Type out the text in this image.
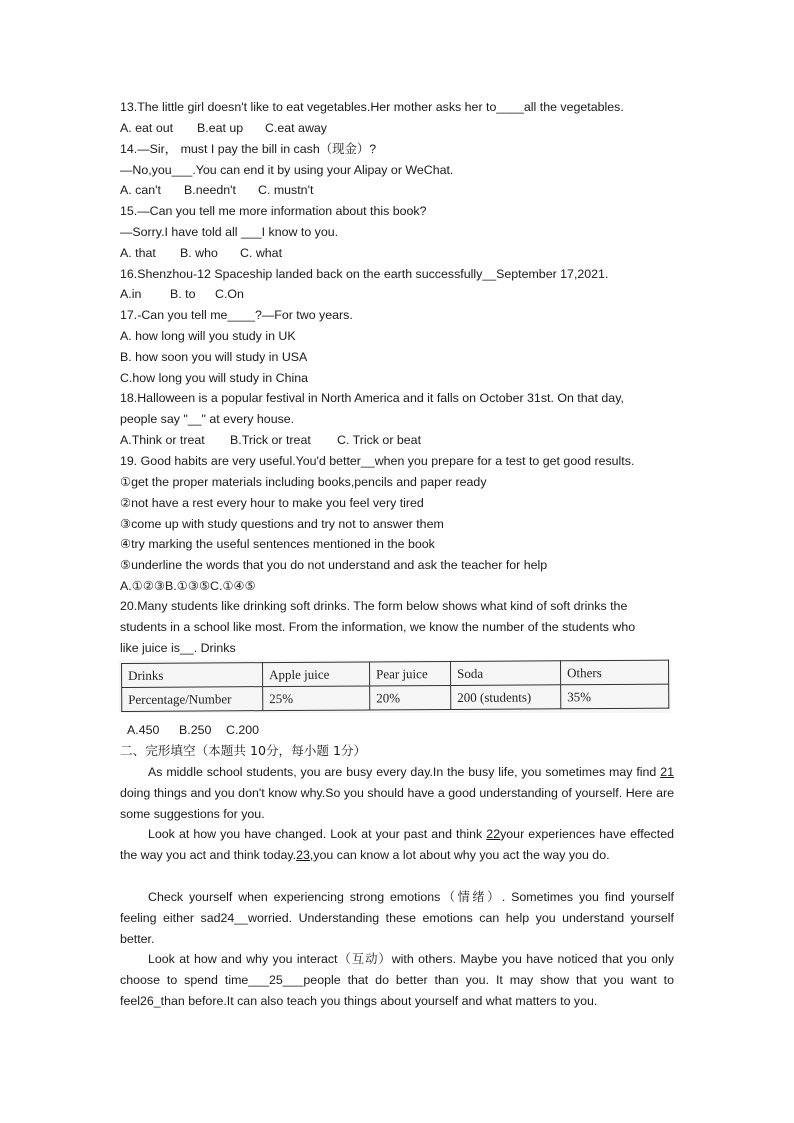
13.The little girl doesn't like to eat vegetables.Her mother asks her to____all the vegetables.
A. eat out B.eat up C.eat away
14.—Sir， must I pay the bill in cash（现金）?
—No,you___.You can end it by using your Alipay or WeChat.
A. can't B.needn't C. mustn't
15.—Can you tell me more information about this book?
—Sorry.I have told all ___I know to you.
A. that B. who C. what
16.Shenzhou-12 Spaceship landed back on the earth successfully__September 17,2021.
A.in B. to C.On
17.-Can you tell me____?—For two years.
A. how long will you study in UK
B. how soon you will study in USA
C.how long you will study in China
18.Halloween is a popular festival in North America and it falls on October 31st. On that day,
people say "__" at every house.
A.Think or treat B.Trick or treat C. Trick or beat
19. Good habits are very useful.You'd better__when you prepare for a test to get good results.
①get the proper materials including books,pencils and paper ready
②not have a rest every hour to make you feel very tired
③come up with study questions and try not to answer them
④try marking the useful sentences mentioned in the book
⑤underline the words that you do not understand and ask the teacher for help
A.①②③B.①③⑤C.①④⑤
20.Many students like drinking soft drinks. The form below shows what kind of soft drinks the
students in a school like most. From the information, we know the number of the students who
like juice is__. Drinks
Drinks	Apple juice	Pear juice	Soda	Others
Percentage/Number	25%	20%	200 (students)	35%
A.450 B.250 C.200
二、完形填空（本题共 10分，每小题 1分）
As middle school students, you are busy every day.In the busy life, you sometimes may find 21 doing things and you don't know why.So you should have a good understanding of yourself. Here are some suggestions for you.
Look at how you have changed. Look at your past and think 22your experiences have effected the way you act and think today.23,you can know a lot about why you act the way you do.
Check yourself when experiencing strong emotions（情绪）. Sometimes you find yourself feeling either sad24__worried. Understanding these emotions can help you understand yourself better.
Look at how and why you interact（互动）with others. Maybe you have noticed that you only choose to spend time___25___people that do better than you. It may show that you want to feel26_than before.It can also teach you things about yourself and what matters to you.
